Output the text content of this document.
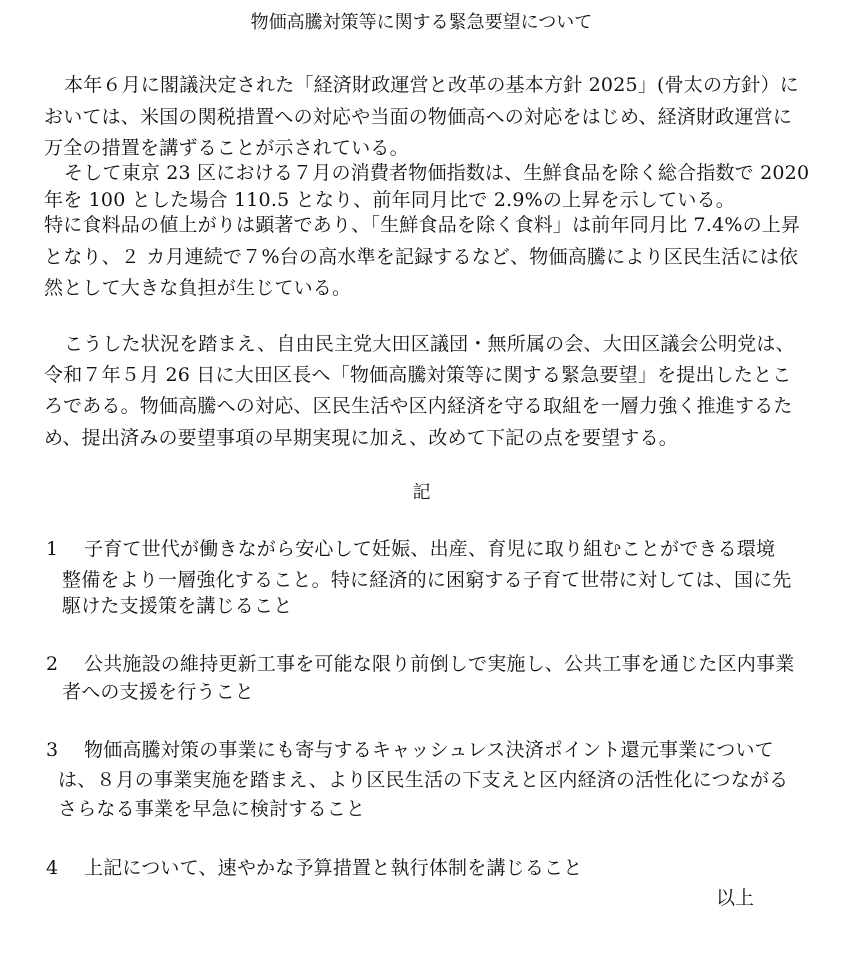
物価高騰対策等に関する緊急要望について
本年６月に閣議決定された「経済財政運営と改革の基本方針 2025」(骨太の方針）に
おいては、米国の関税措置への対応や当面の物価高への対応をはじめ、経済財政運営に
万全の措置を講ずることが示されている。
そして東京 23 区における７月の消費者物価指数は、生鮮食品を除く総合指数で 2020
年を 100 とした場合 110.5 となり、前年同月比で 2.9%の上昇を示している。
特に食料品の値上がりは顕著であり、「生鮮食品を除く食料」は前年同月比 7.4%の上昇
となり、２ カ月連続で７%台の高水準を記録するなど、物価高騰により区民生活には依
然として大きな負担が生じている。
こうした状況を踏まえ、自由民主党大田区議団・無所属の会、大田区議会公明党は、
令和７年５月 26 日に大田区長へ「物価高騰対策等に関する緊急要望」を提出したとこ
ろである。物価高騰への対応、区民生活や区内経済を守る取組を一層力強く推進するた
め、提出済みの要望事項の早期実現に加え、改めて下記の点を要望する。
記
1 子育て世代が働きながら安心して妊娠、出産、育児に取り組むことができる環境
整備をより一層強化すること。特に経済的に困窮する子育て世帯に対しては、国に先
駆けた支援策を講じること
2 公共施設の維持更新工事を可能な限り前倒しで実施し、公共工事を通じた区内事業
者への支援を行うこと
3 物価高騰対策の事業にも寄与するキャッシュレス決済ポイント還元事業について
は、８月の事業実施を踏まえ、より区民生活の下支えと区内経済の活性化につながる
さらなる事業を早急に検討すること
4 上記について、速やかな予算措置と執行体制を講じること
以上
